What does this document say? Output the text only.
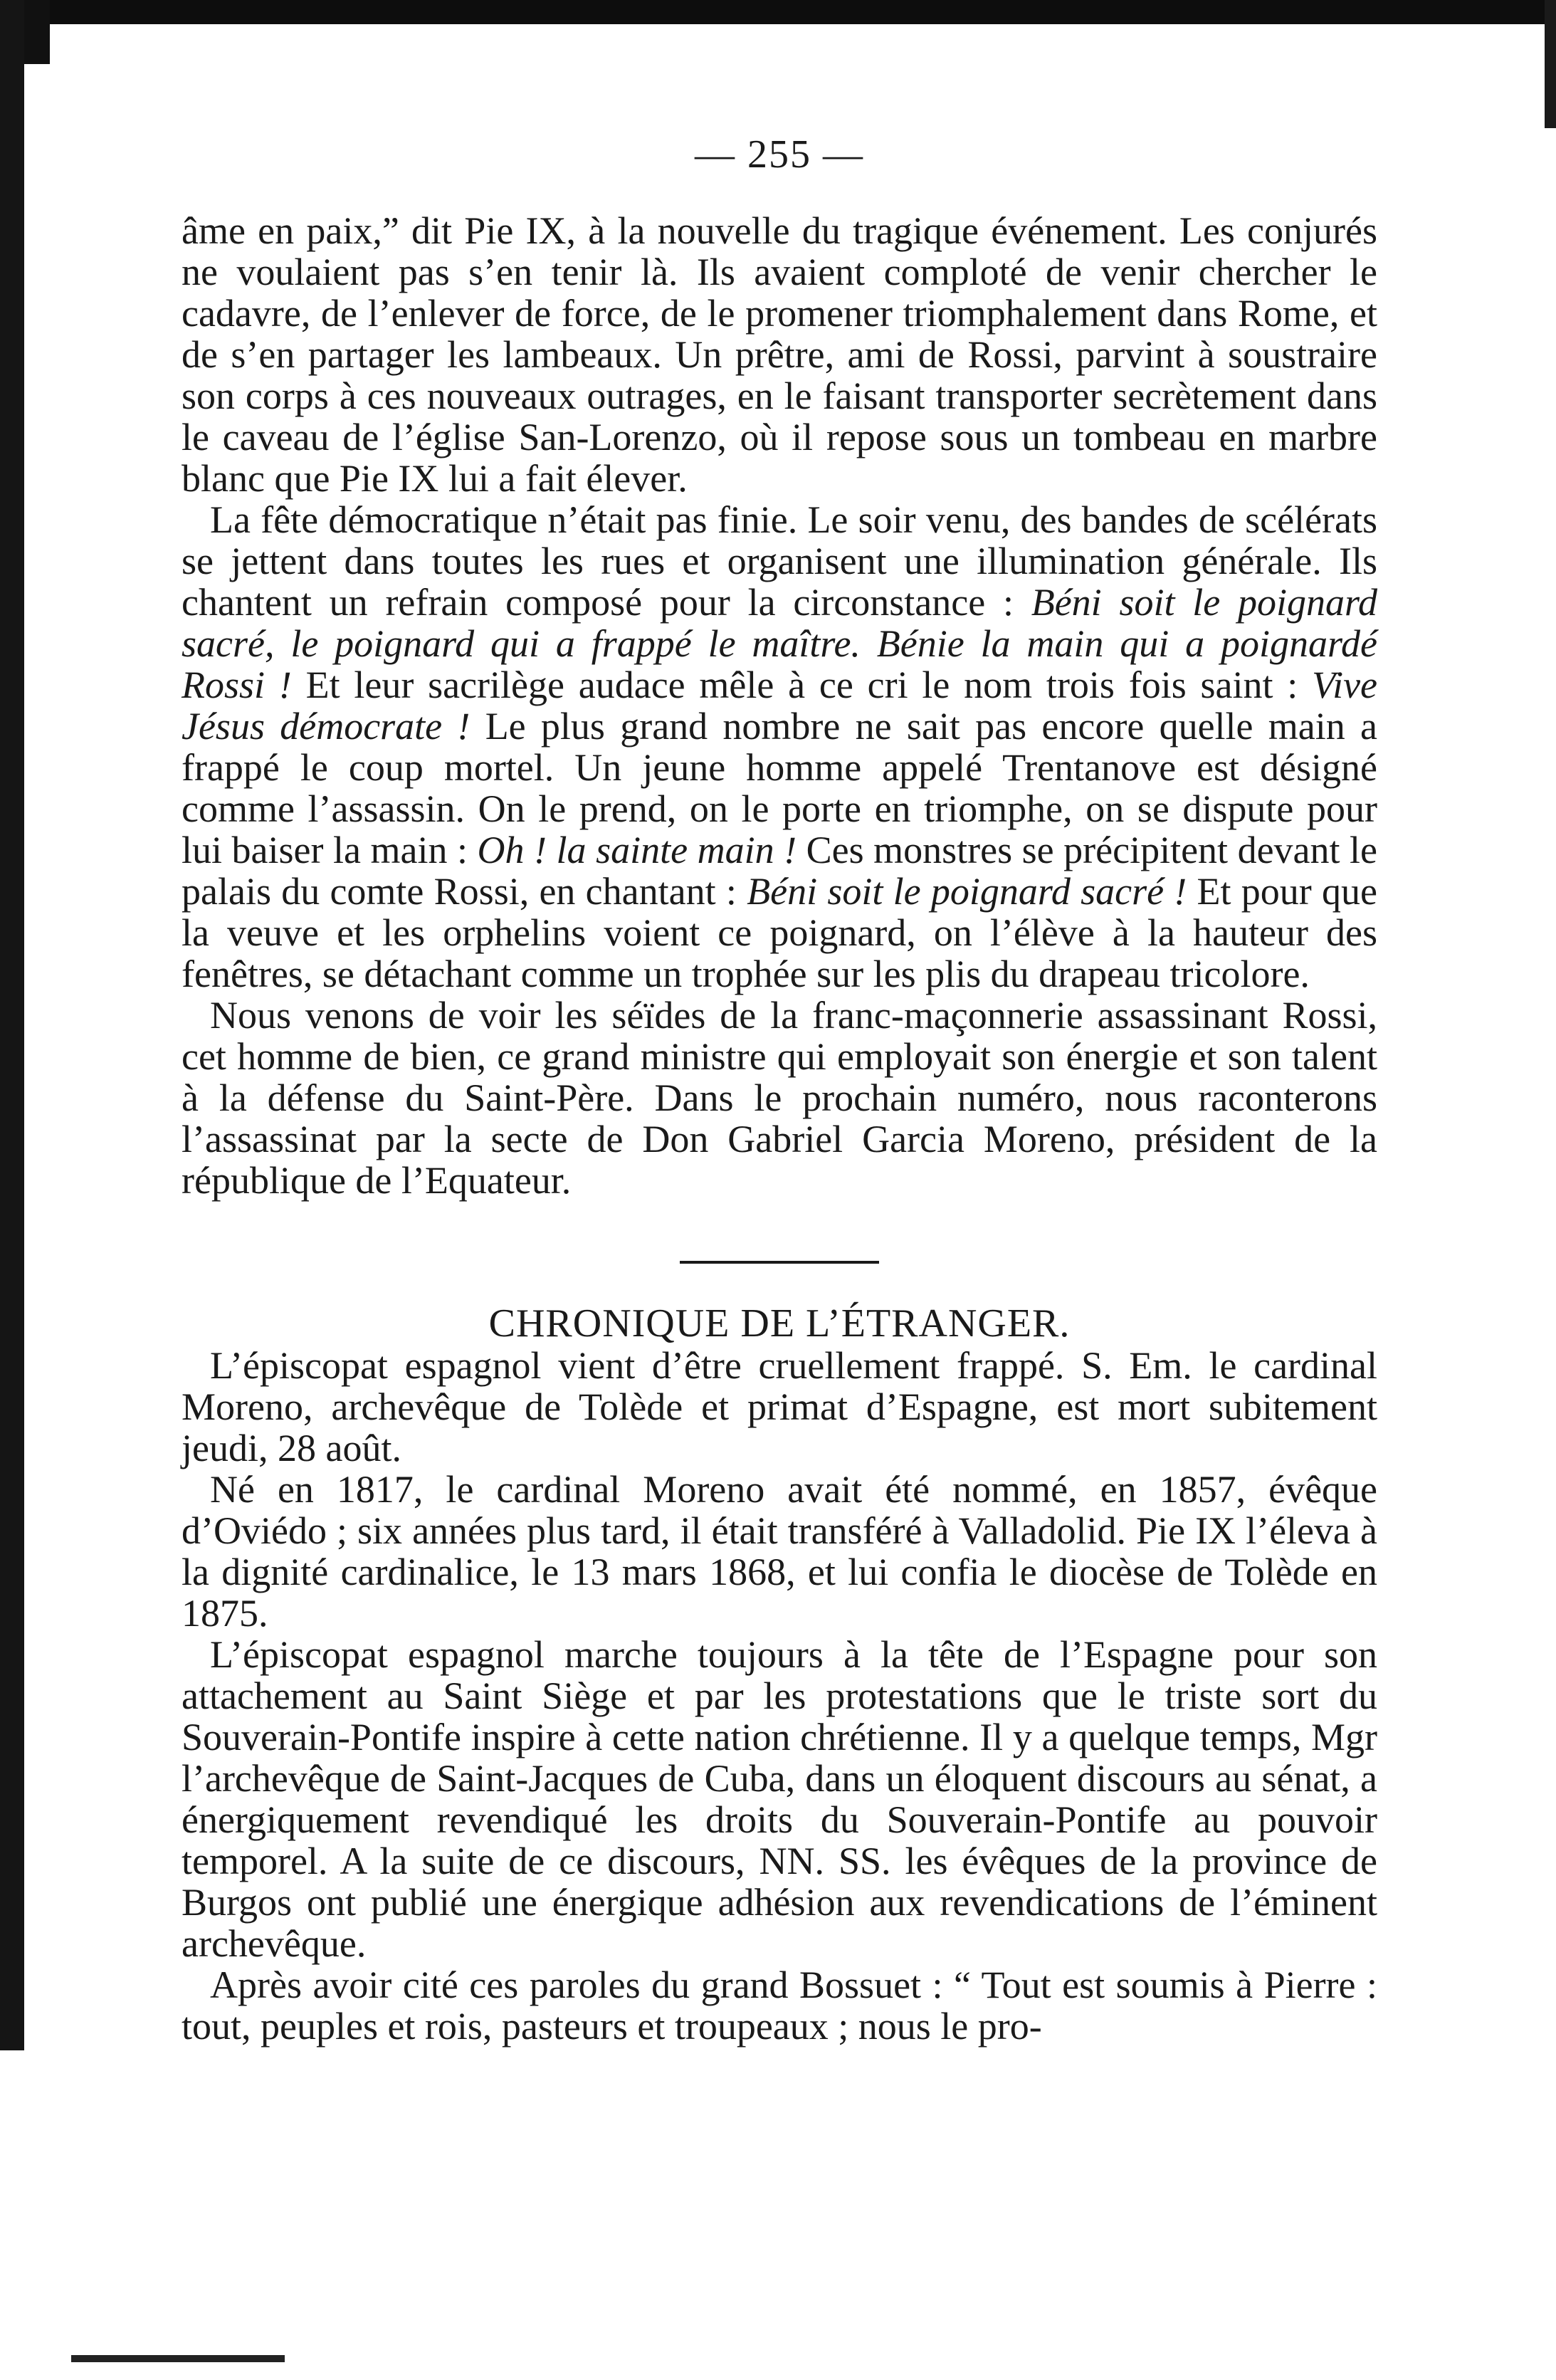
— 255 —

âme en paix,” dit Pie IX, à la nouvelle du tragique événement. Les conjurés ne voulaient pas s’en tenir là. Ils avaient comploté de venir chercher le cadavre, de l’enlever de force, de le promener triomphalement dans Rome, et de s’en partager les lambeaux. Un prêtre, ami de Rossi, parvint à soustraire son corps à ces nouveaux outrages, en le faisant transporter secrètement dans le caveau de l’église San-Lorenzo, où il repose sous un tombeau en marbre blanc que Pie IX lui a fait élever.

La fête démocratique n’était pas finie. Le soir venu, des bandes de scélérats se jettent dans toutes les rues et organisent une illumination générale. Ils chantent un refrain composé pour la circonstance : Béni soit le poignard sacré, le poignard qui a frappé le maître. Bénie la main qui a poignardé Rossi ! Et leur sacrilège audace mêle à ce cri le nom trois fois saint : Vive Jésus démocrate ! Le plus grand nombre ne sait pas encore quelle main a frappé le coup mortel. Un jeune homme appelé Trentanove est désigné comme l’assassin. On le prend, on le porte en triomphe, on se dispute pour lui baiser la main : Oh ! la sainte main ! Ces monstres se précipitent devant le palais du comte Rossi, en chantant : Béni soit le poignard sacré ! Et pour que la veuve et les orphelins voient ce poignard, on l’élève à la hauteur des fenêtres, se détachant comme un trophée sur les plis du drapeau tricolore.

Nous venons de voir les séïdes de la franc-maçonnerie assassinant Rossi, cet homme de bien, ce grand ministre qui employait son énergie et son talent à la défense du Saint-Père. Dans le prochain numéro, nous raconterons l’assassinat par la secte de Don Gabriel Garcia Moreno, président de la république de l’Equateur.

CHRONIQUE DE L’ÉTRANGER.

L’épiscopat espagnol vient d’être cruellement frappé. S. Em. le cardinal Moreno, archevêque de Tolède et primat d’Espagne, est mort subitement jeudi, 28 août.

Né en 1817, le cardinal Moreno avait été nommé, en 1857, évêque d’Oviédo ; six années plus tard, il était transféré à Valladolid. Pie IX l’éleva à la dignité cardinalice, le 13 mars 1868, et lui confia le diocèse de Tolède en 1875.

L’épiscopat espagnol marche toujours à la tête de l’Espagne pour son attachement au Saint Siège et par les protestations que le triste sort du Souverain-Pontife inspire à cette nation chrétienne. Il y a quelque temps, Mgr l’archevêque de Saint-Jacques de Cuba, dans un éloquent discours au sénat, a énergiquement revendiqué les droits du Souverain-Pontife au pouvoir temporel. A la suite de ce discours, NN. SS. les évêques de la province de Burgos ont publié une énergique adhésion aux revendications de l’éminent archevêque.

Après avoir cité ces paroles du grand Bossuet : “ Tout est soumis à Pierre : tout, peuples et rois, pasteurs et troupeaux ; nous le pro-
